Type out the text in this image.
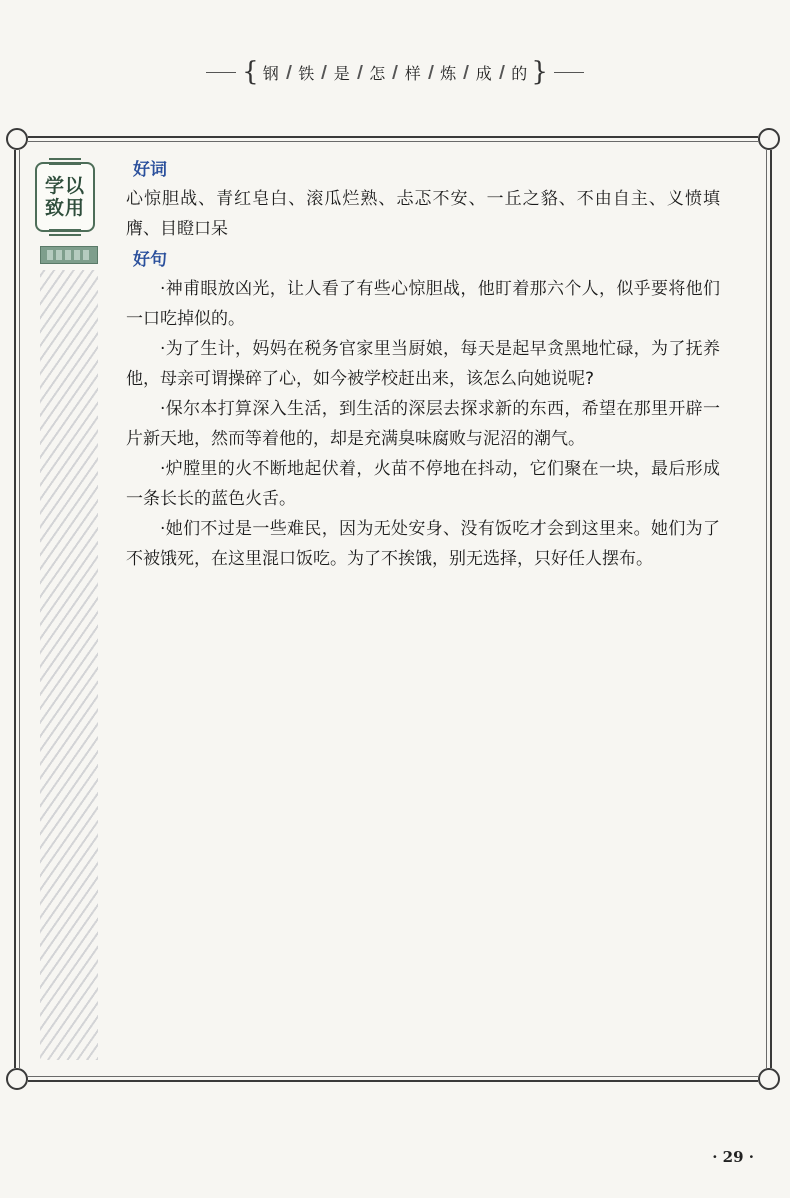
{ 钢 铁 是 怎 样 炼 成 的 }
学以
致用
好词

心惊胆战、青红皂白、滚瓜烂熟、忐忑不安、一丘之貉、不由自主、义愤填膺、目瞪口呆

好句

·神甫眼放凶光，让人看了有些心惊胆战，他盯着那六个人，似乎要将他们一口吃掉似的。

·为了生计，妈妈在税务官家里当厨娘，每天是起早贪黑地忙碌，为了抚养他，母亲可谓操碎了心，如今被学校赶出来，该怎么向她说呢?

·保尔本打算深入生活，到生活的深层去探求新的东西，希望在那里开辟一片新天地，然而等着他的，却是充满臭味腐败与泥沼的潮气。

·炉膛里的火不断地起伏着，火苗不停地在抖动，它们聚在一块，最后形成一条长长的蓝色火舌。

·她们不过是一些难民，因为无处安身、没有饭吃才会到这里来。她们为了不被饿死，在这里混口饭吃。为了不挨饿，别无选择，只好任人摆布。

· 29 ·
